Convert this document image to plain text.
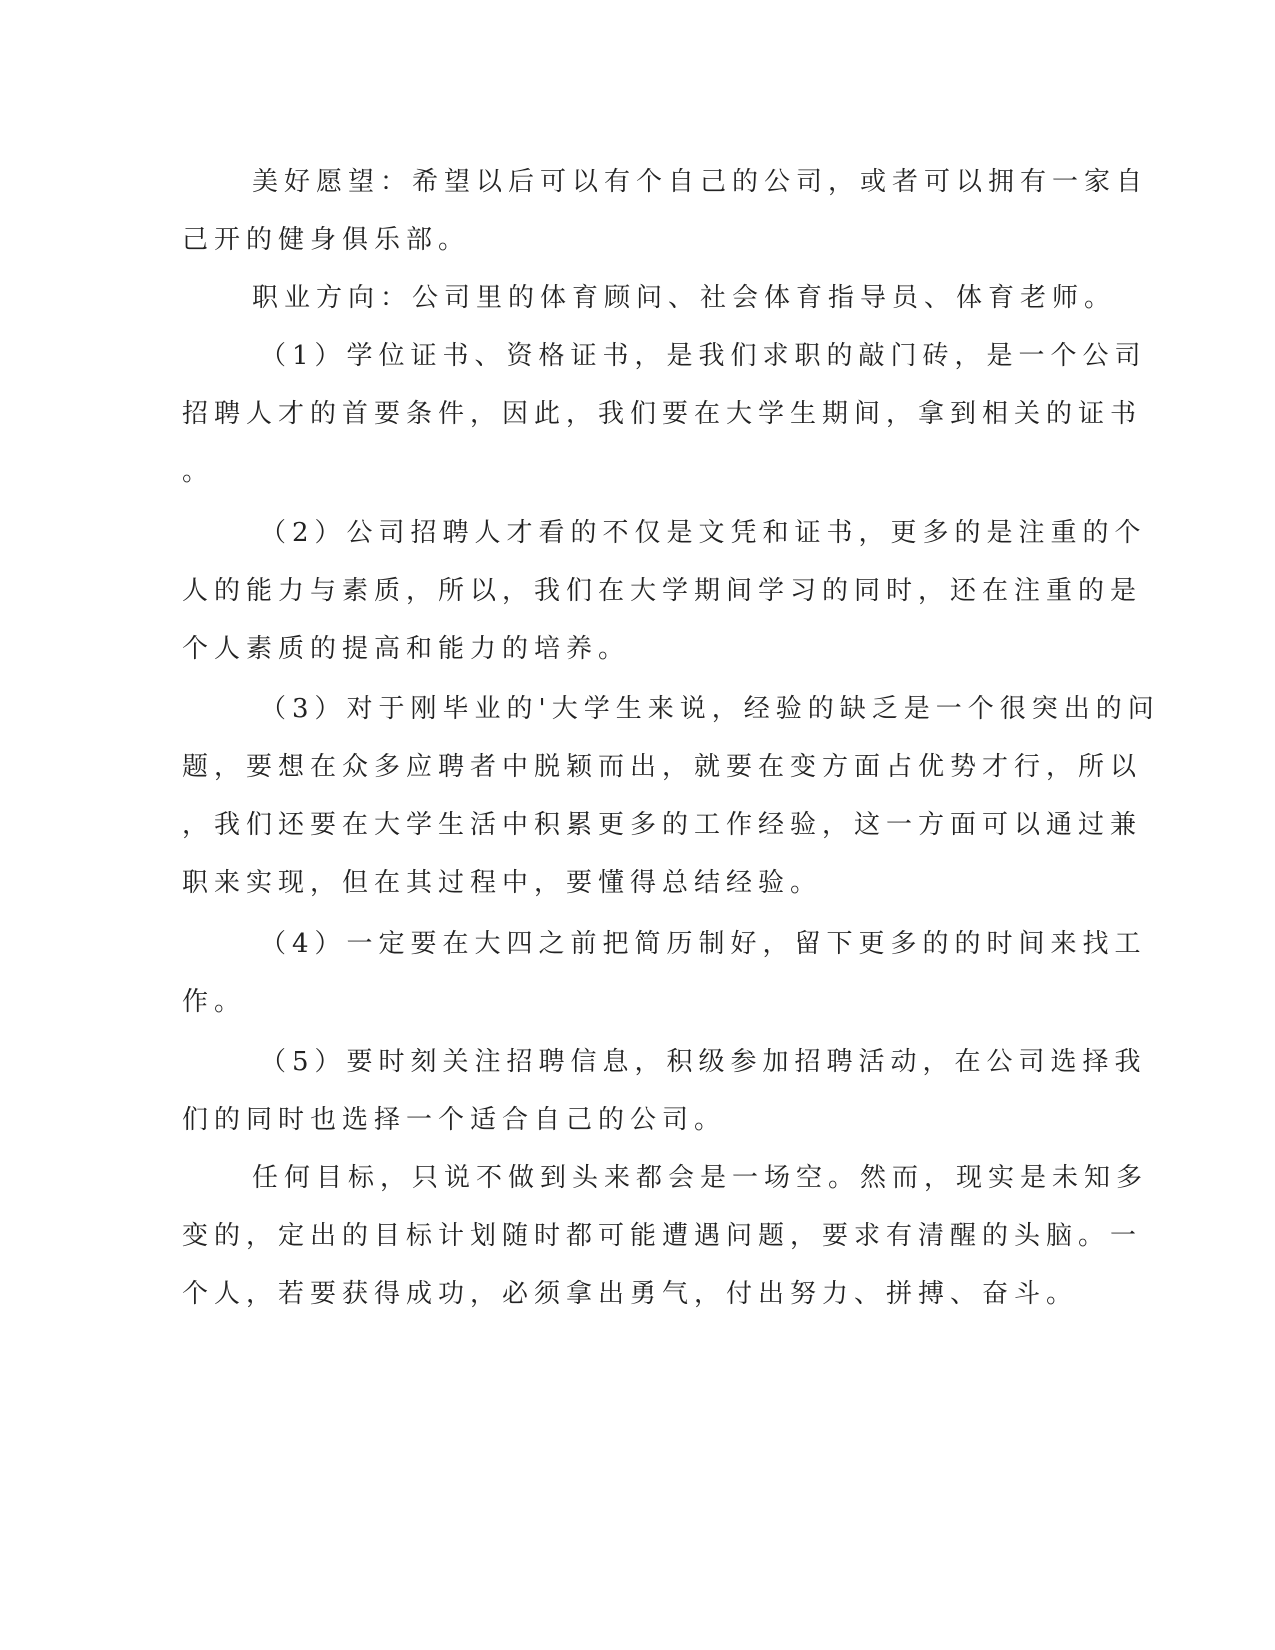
美好愿望：希望以后可以有个自己的公司，或者可以拥有一家自
己开的健身俱乐部。
职业方向：公司里的体育顾问、社会体育指导员、体育老师。
（1）学位证书、资格证书，是我们求职的敲门砖，是一个公司
招聘人才的首要条件，因此，我们要在大学生期间，拿到相关的证书
。
（2）公司招聘人才看的不仅是文凭和证书，更多的是注重的个
人的能力与素质，所以，我们在大学期间学习的同时，还在注重的是
个人素质的提高和能力的培养。
（3）对于刚毕业的'大学生来说，经验的缺乏是一个很突出的问
题，要想在众多应聘者中脱颖而出，就要在变方面占优势才行，所以
，我们还要在大学生活中积累更多的工作经验，这一方面可以通过兼
职来实现，但在其过程中，要懂得总结经验。
（4）一定要在大四之前把简历制好，留下更多的的时间来找工
作。
（5）要时刻关注招聘信息，积级参加招聘活动，在公司选择我
们的同时也选择一个适合自己的公司。
任何目标，只说不做到头来都会是一场空。然而，现实是未知多
变的，定出的目标计划随时都可能遭遇问题，要求有清醒的头脑。一
个人，若要获得成功，必须拿出勇气，付出努力、拼搏、奋斗。
